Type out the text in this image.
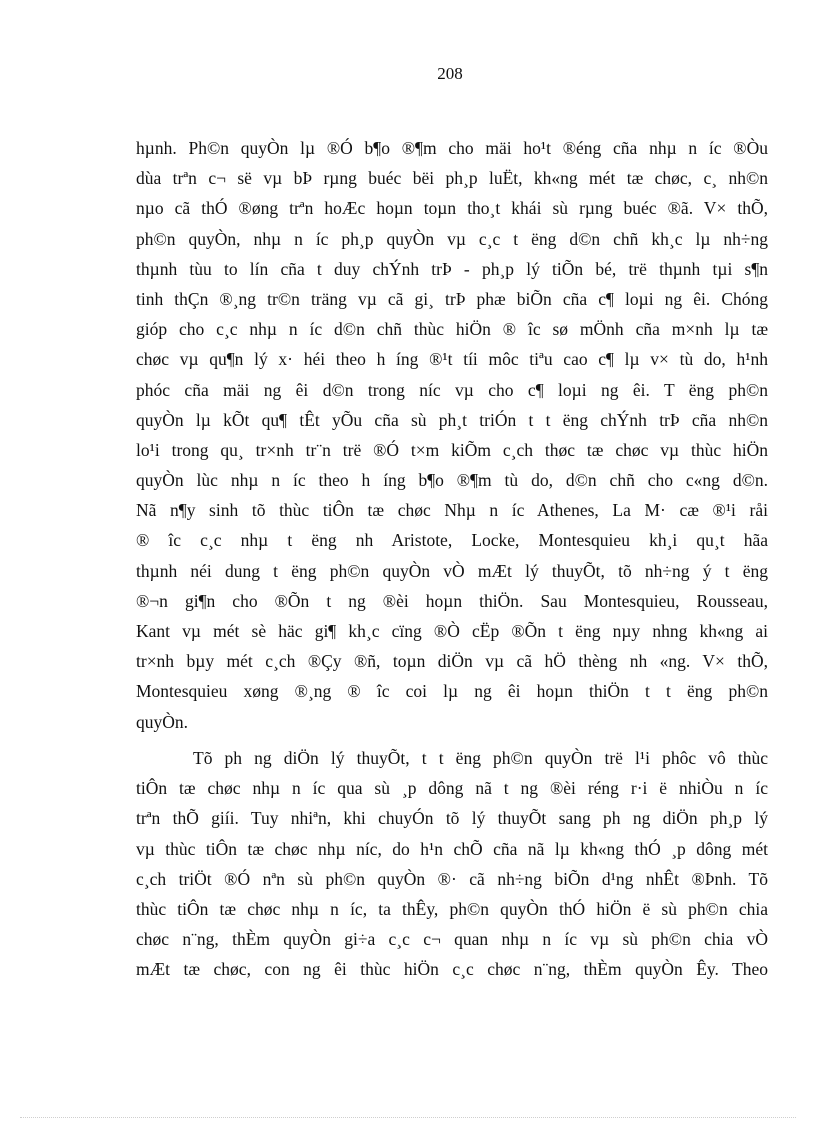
208
hµnh. Ph©n quyÒn lµ ®Ó b¶o ®¶m cho mäi ho¹t ®éng cña nhµ n íc ®Òu
dùa trªn c¬ së vµ bÞ rµng buéc bëi ph¸p luËt, kh«ng mét tæ chøc, c¸ nh©n
nµo cã thÓ ®øng trªn hoÆc hoµn toµn tho¸t khái sù rµng buéc ®ã. V× thÕ,
ph©n quyÒn, nhµ n íc ph¸p quyÒn vµ c¸c t ëng d©n chñ kh¸c lµ nh÷ng
thµnh tùu to lín cña t duy chÝnh trÞ - ph¸p lý tiÕn bé, trë thµnh tµi s¶n
tinh thÇn ®¸ng tr©n träng vµ cã gi¸ trÞ phæ biÕn cña c¶ loµi ng êi. Chóng
gióp cho c¸c nhµ n íc d©n chñ thùc hiÖn ® îc sø mÖnh cña m×nh lµ tæ
chøc vµ qu¶n lý x· héi theo h íng ®¹t tíi môc tiªu cao c¶ lµ v× tù do, h¹nh
phóc cña mäi ng êi d©n trong níc vµ cho c¶ loµi ng êi. T ëng ph©n
quyÒn lµ kÕt qu¶ tÊt yÕu cña sù ph¸t triÓn t t ëng chÝnh trÞ cña nh©n
lo¹i trong qu¸ tr×nh tr¨n trë ®Ó t×m kiÕm c¸ch thøc tæ chøc vµ thùc hiÖn
quyÒn lùc nhµ n íc theo h íng b¶o ®¶m tù do, d©n chñ cho c«ng d©n.
Nã n¶y sinh tõ thùc tiÔn tæ chøc Nhµ n íc Athenes, La M· cæ ®¹i råi
® îc c¸c nhµ t ëng nh Aristote, Locke, Montesquieu kh¸i qu¸t hãa
thµnh néi dung t ëng ph©n quyÒn vÒ mÆt lý thuyÕt, tõ nh÷ng ý t ëng
®¬n gi¶n cho ®Õn t ng ®èi hoµn thiÖn. Sau Montesquieu, Rousseau,
Kant vµ mét sè häc gi¶ kh¸c cïng ®Ò cËp ®Õn t ëng nµy nhng kh«ng ai
tr×nh bµy mét c¸ch ®Çy ®ñ, toµn diÖn vµ cã hÖ thèng nh «ng. V× thÕ,
Montesquieu xøng ®¸ng ® îc coi lµ ng êi hoµn thiÖn t t ëng ph©n
quyÒn.
Tõ ph ng diÖn lý thuyÕt, t t ëng ph©n quyÒn trë l¹i phôc vô thùc
tiÔn tæ chøc nhµ n íc qua sù ¸p dông nã t ng ®èi réng r·i ë nhiÒu n íc
trªn thÕ giíi. Tuy nhiªn, khi chuyÓn tõ lý thuyÕt sang ph ng diÖn ph¸p lý
vµ thùc tiÔn tæ chøc nhµ níc, do h¹n chÕ cña nã lµ kh«ng thÓ ¸p dông mét
c¸ch triÖt ®Ó nªn sù ph©n quyÒn ®· cã nh÷ng biÕn d¹ng nhÊt ®Þnh. Tõ
thùc tiÔn tæ chøc nhµ n íc, ta thÊy, ph©n quyÒn thÓ hiÖn ë sù ph©n chia
chøc n¨ng, thÈm quyÒn gi÷a c¸c c¬ quan nhµ n íc vµ sù ph©n chia vÒ
mÆt tæ chøc, con ng êi thùc hiÖn c¸c chøc n¨ng, thÈm quyÒn Êy. Theo
